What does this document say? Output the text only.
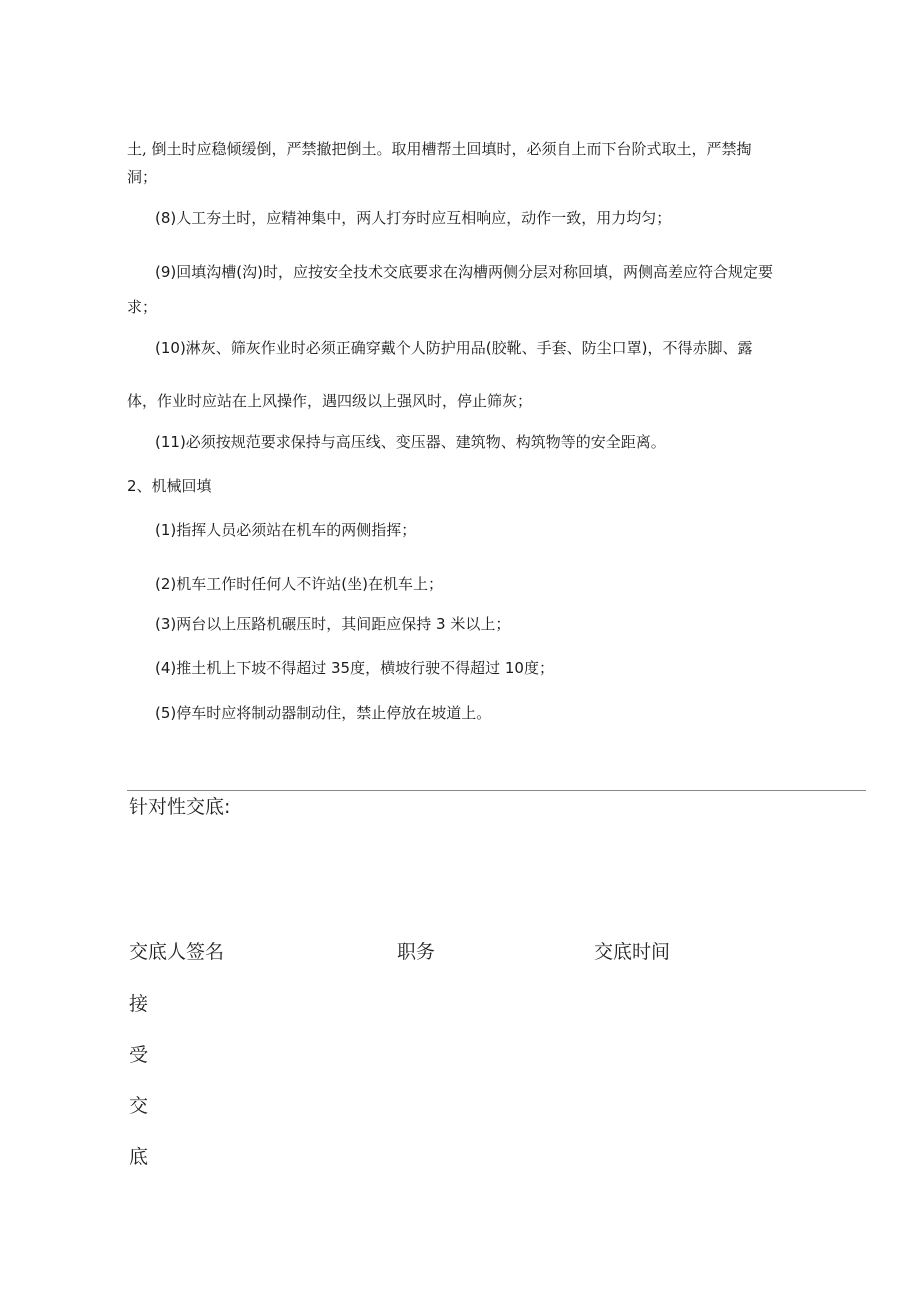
土, 倒土时应稳倾缓倒，严禁撤把倒土。取用槽帮土回填时，必须自上而下台阶式取土，严禁掏
洞；
(8)人工夯土时，应精神集中，两人打夯时应互相响应，动作一致，用力均匀；
(9)回填沟槽(沟)时，应按安全技术交底要求在沟槽两侧分层对称回填，两侧高差应符合规定要
求；
(10)淋灰、筛灰作业时必须正确穿戴个人防护用品(胶靴、手套、防尘口罩)，不得赤脚、露
体，作业时应站在上风操作，遇四级以上强风时，停止筛灰；
(11)必须按规范要求保持与高压线、变压器、建筑物、构筑物等的安全距离。
2、机械回填
(1)指挥人员必须站在机车的两侧指挥；
(2)机车工作时任何人不许站(坐)在机车上；
(3)两台以上压路机碾压时，其间距应保持 3 米以上；
(4)推土机上下坡不得超过 35度，横坡行驶不得超过 10度；
(5)停车时应将制动器制动住，禁止停放在坡道上。
针对性交底:
交底人签名	职务	交底时间
接
受
交
底
